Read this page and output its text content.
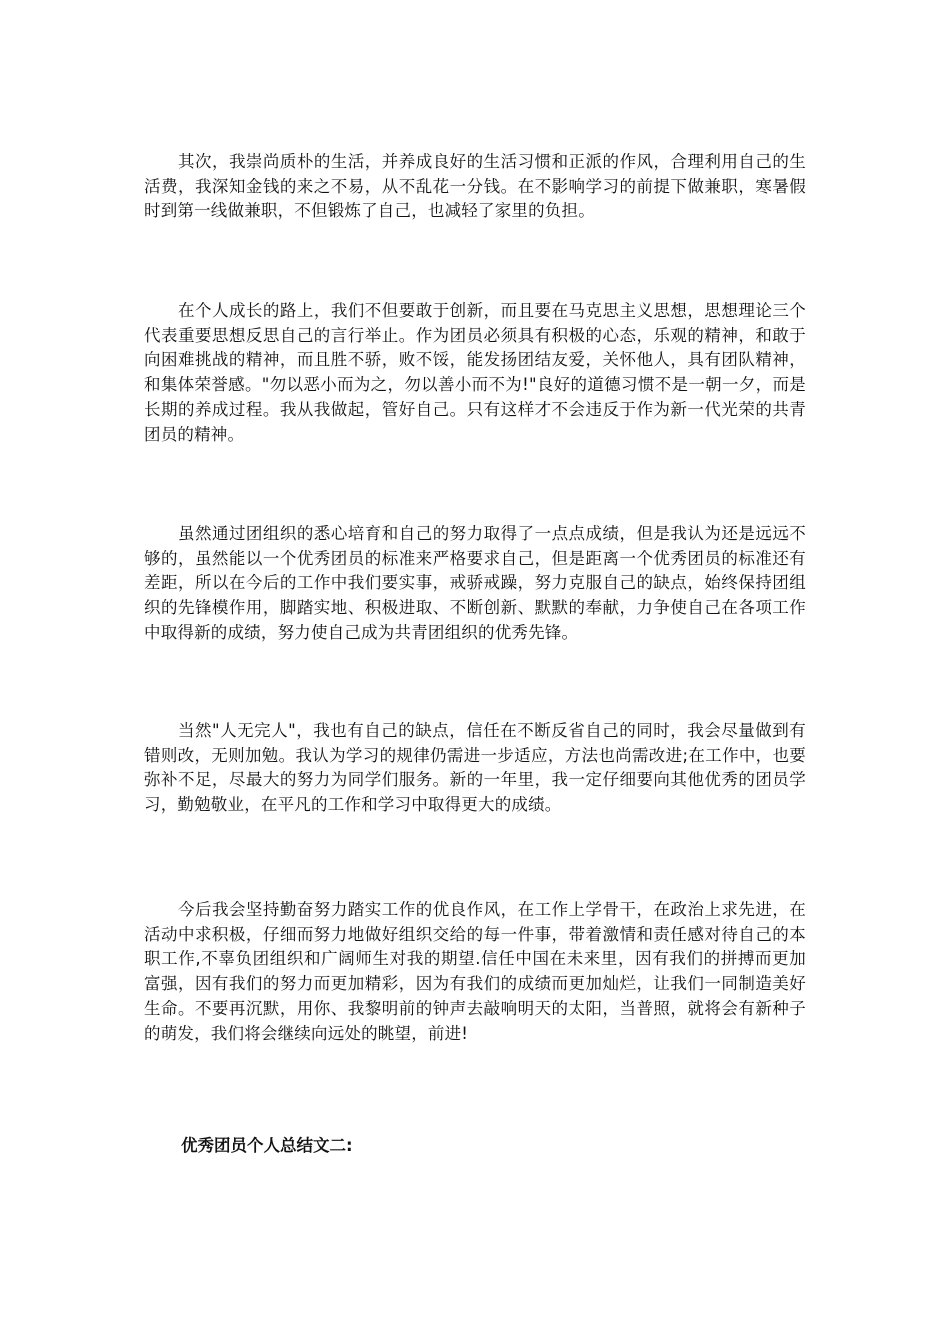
其次，我崇尚质朴的生活，并养成良好的生活习惯和正派的作风，合理利用自己的生活费，我深知金钱的来之不易，从不乱花一分钱。在不影响学习的前提下做兼职，寒暑假时到第一线做兼职，不但锻炼了自己，也减轻了家里的负担。

在个人成长的路上，我们不但要敢于创新，而且要在马克思主义思想，思想理论三个代表重要思想反思自己的言行举止。作为团员必须具有积极的心态，乐观的精神，和敢于向困难挑战的精神，而且胜不骄，败不馁，能发扬团结友爱，关怀他人，具有团队精神，和集体荣誉感。"勿以恶小而为之，勿以善小而不为!"良好的道德习惯不是一朝一夕，而是长期的养成过程。我从我做起，管好自己。只有这样才不会违反于作为新一代光荣的共青团员的精神。

虽然通过团组织的悉心培育和自己的努力取得了一点点成绩，但是我认为还是远远不够的，虽然能以一个优秀团员的标准来严格要求自己，但是距离一个优秀团员的标准还有差距，所以在今后的工作中我们要实事，戒骄戒躁，努力克服自己的缺点，始终保持团组织的先锋模作用，脚踏实地、积极进取、不断创新、默默的奉献，力争使自己在各项工作中取得新的成绩，努力使自己成为共青团组织的优秀先锋。

当然"人无完人"，我也有自己的缺点，信任在不断反省自己的同时，我会尽量做到有错则改，无则加勉。我认为学习的规律仍需进一步适应，方法也尚需改进;在工作中，也要弥补不足，尽最大的努力为同学们服务。新的一年里，我一定仔细要向其他优秀的团员学习，勤勉敬业，在平凡的工作和学习中取得更大的成绩。

今后我会坚持勤奋努力踏实工作的优良作风，在工作上学骨干，在政治上求先进，在活动中求积极，仔细而努力地做好组织交给的每一件事，带着激情和责任感对待自己的本职工作,不辜负团组织和广阔师生对我的期望.信任中国在未来里，因有我们的拼搏而更加富强，因有我们的努力而更加精彩，因为有我们的成绩而更加灿烂，让我们一同制造美好生命。不要再沉默，用你、我黎明前的钟声去敲响明天的太阳，当普照，就将会有新种子的萌发，我们将会继续向远处的眺望，前进!

优秀团员个人总结文二:
